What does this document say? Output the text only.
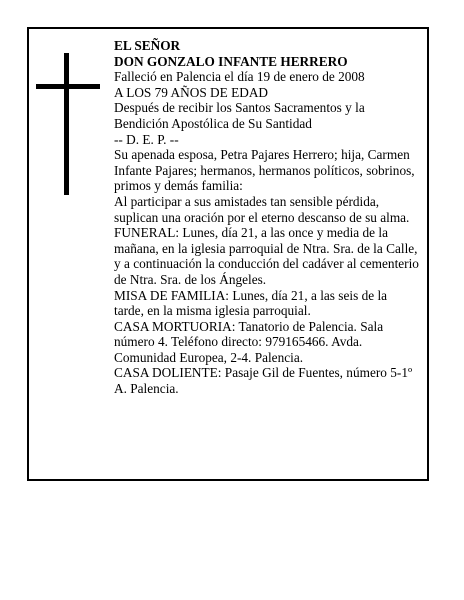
EL SEÑOR

DON GONZALO INFANTE HERRERO

Falleció en Palencia el día 19 de enero de 2008

A LOS 79 AÑOS DE EDAD

Después de recibir los Santos Sacramentos y la Bendición Apostólica de Su Santidad

-- D. E. P. --

Su apenada esposa, Petra Pajares Herrero; hija, Carmen Infante Pajares; hermanos, hermanos políticos, sobrinos, primos y demás familia:

Al participar a sus amistades tan sensible pérdida, suplican una oración por el eterno descanso de su alma.

FUNERAL: Lunes, día 21, a las once y media de la mañana, en la iglesia parroquial de Ntra. Sra. de la Calle, y a continuación la conducción del cadáver al cementerio de Ntra. Sra. de los Ángeles.

MISA DE FAMILIA: Lunes, día 21, a las seis de la tarde, en la misma iglesia parroquial.

CASA MORTUORIA: Tanatorio de Palencia. Sala número 4. Teléfono directo: 979165466. Avda. Comunidad Europea, 2-4. Palencia.

CASA DOLIENTE: Pasaje Gil de Fuentes, número 5-1º A. Palencia.
